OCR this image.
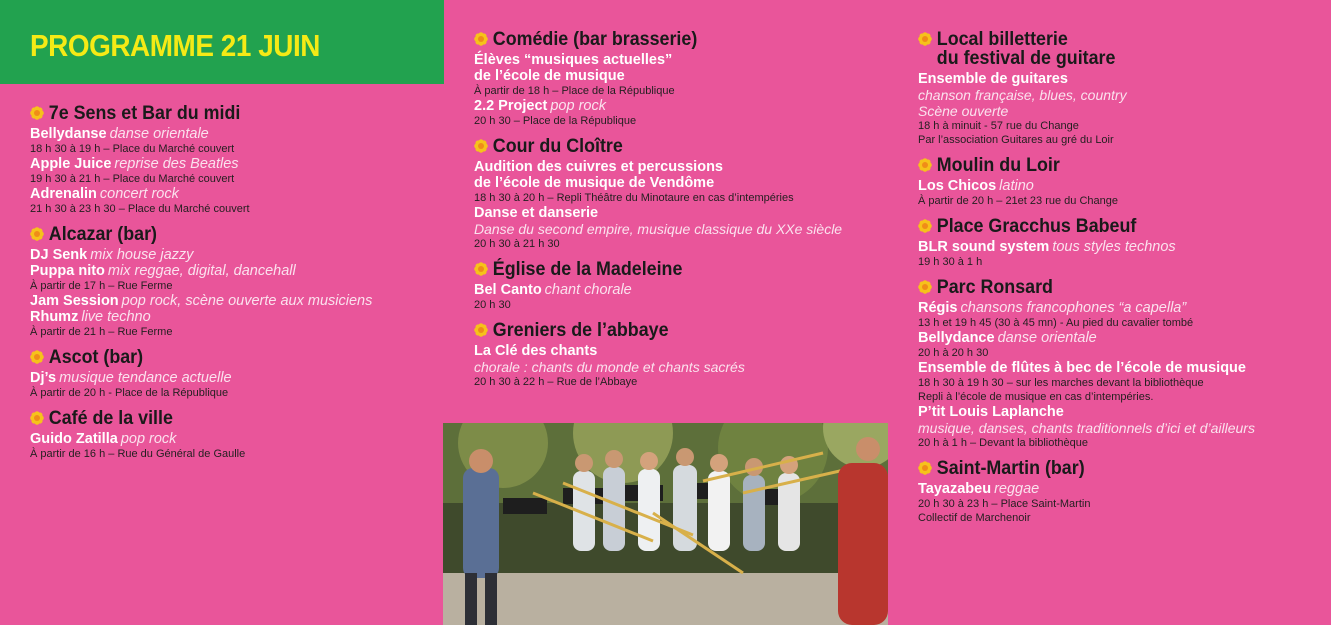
PROGRAMME 21 JUIN
7e Sens et Bar du midi
Bellydanse danse orientale
18 h 30 à 19 h – Place du Marché couvert
Apple Juice reprise des Beatles
19 h 30 à 21 h – Place du Marché couvert
Adrenalin concert rock
21 h 30 à 23 h 30 – Place du Marché couvert
Alcazar (bar)
DJ Senk mix house jazzy
Puppa nito mix reggae, digital, dancehall
À partir de 17 h – Rue Ferme
Jam Session pop rock, scène ouverte aux musiciens
Rhumz live techno
À partir de 21 h – Rue Ferme
Ascot (bar)
Dj’s musique tendance actuelle
À partir de 20 h - Place de la République
Café de la ville
Guido Zatilla pop rock
À partir de 16 h – Rue du Général de Gaulle
Comédie (bar brasserie)
Élèves “musiques actuelles”
de l’école de musique
À partir de 18 h – Place de la République
2.2 Project pop rock
20 h 30 – Place de la République
Cour du Cloître
Audition des cuivres et percussions
de l’école de musique de Vendôme
18 h 30 à 20 h – Repli Théâtre du Minotaure en cas d’intempéries
Danse et danserie
Danse du second empire, musique classique du XXe siècle
20 h 30 à 21 h 30
Église de la Madeleine
Bel Canto chant chorale
20 h 30
Greniers de l’abbaye
La Clé des chants
chorale : chants du monde et chants sacrés
20 h 30 à 22 h – Rue de l’Abbaye
Local billetterie
du festival de guitare
Ensemble de guitares
chanson française, blues, country
Scène ouverte
18 h à minuit - 57 rue du Change
Par l’association Guitares au gré du Loir
Moulin du Loir
Los Chicos latino
À partir de 20 h – 21et 23 rue du Change
Place Gracchus Babeuf
BLR sound system tous styles technos
19 h 30 à 1 h
Parc Ronsard
Régis chansons francophones “a capella”
13 h et 19 h 45 (30 à 45 mn) - Au pied du cavalier tombé
Bellydance danse orientale
20 h à 20 h 30
Ensemble de flûtes à bec de l’école de musique
18 h 30 à 19 h 30 – sur les marches devant la bibliothèque
Repli à l’école de musique en cas d’intempéries.
P’tit Louis Laplanche
musique, danses, chants traditionnels d’ici et d’ailleurs
20 h à 1 h – Devant la bibliothèque
Saint-Martin (bar)
Tayazabeu reggae
20 h 30 à 23 h – Place Saint-Martin
Collectif de Marchenoir
